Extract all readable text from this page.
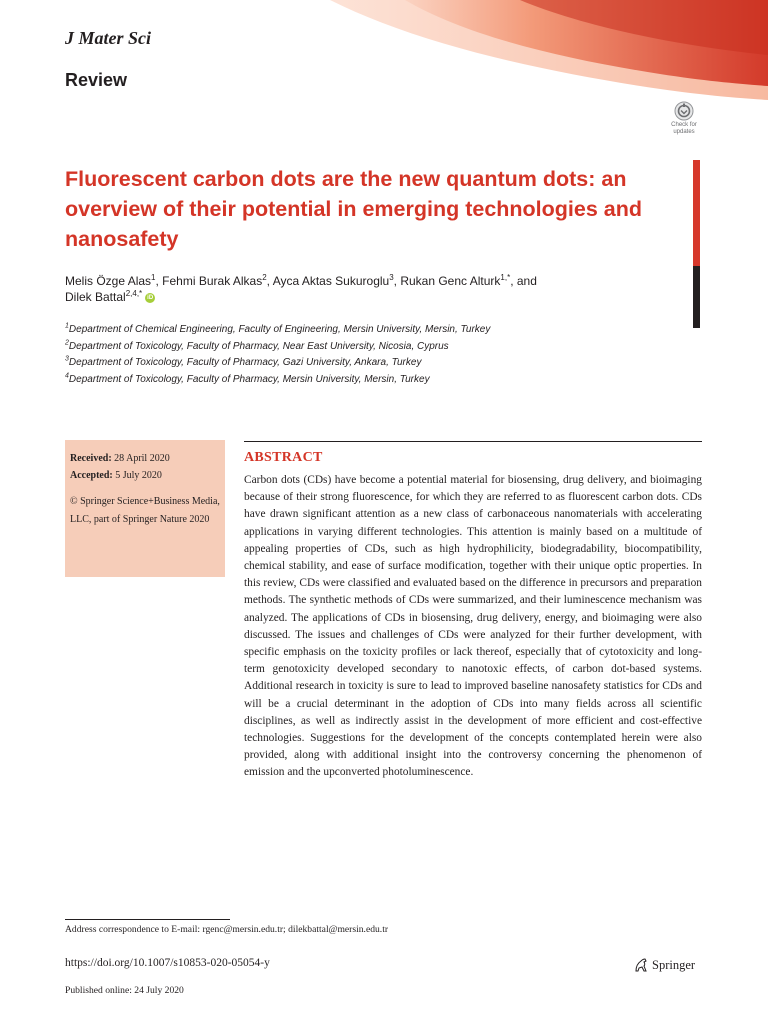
J Mater Sci
Review
Check for
updates
Fluorescent carbon dots are the new quantum dots: an overview of their potential in emerging technologies and nanosafety
Melis Özge Alas$^1$, Fehmi Burak Alkas$^2$, Ayca Aktas Sukuroglu$^3$, Rukan Genc Alturk$^{1,*}$, and
Dilek Battal$^{2,4,*}$ iD
$^1$Department of Chemical Engineering, Faculty of Engineering, Mersin University, Mersin, Turkey
$^2$Department of Toxicology, Faculty of Pharmacy, Near East University, Nicosia, Cyprus
$^3$Department of Toxicology, Faculty of Pharmacy, Gazi University, Ankara, Turkey
$^4$Department of Toxicology, Faculty of Pharmacy, Mersin University, Mersin, Turkey
Received: 28 April 2020
Accepted: 5 July 2020
© Springer Science+Business Media, LLC, part of Springer Nature 2020
ABSTRACT

Carbon dots (CDs) have become a potential material for biosensing, drug delivery, and bioimaging because of their strong fluorescence, for which they are referred to as fluorescent carbon dots. CDs have drawn significant attention as a new class of carbonaceous nanomaterials with accelerating applications in varying different technologies. This attention is mainly based on a multitude of appealing properties of CDs, such as high hydrophilicity, biodegradability, biocompatibility, chemical stability, and ease of surface modification, together with their unique optic properties. In this review, CDs were classified and evaluated based on the difference in precursors and preparation methods. The synthetic methods of CDs were summarized, and their luminescence mechanism was analyzed. The applications of CDs in biosensing, drug delivery, energy, and bioimaging were also discussed. The issues and challenges of CDs were analyzed for their further development, with specific emphasis on the toxicity profiles or lack thereof, especially that of cytotoxicity and long-term genotoxicity developed secondary to nanotoxic effects, of carbon dot-based systems. Additional research in toxicity is sure to lead to improved baseline nanosafety statistics for CDs and will be a crucial determinant in the adoption of CDs into many fields across all scientific disciplines, as well as indirectly assist in the development of more efficient and cost-effective technologies. Suggestions for the development of the concepts contemplated herein were also provided, along with additional insight into the controversy concerning the phenomenon of emission and the upconverted photoluminescence.

Address correspondence to E-mail: rgenc@mersin.edu.tr; dilekbattal@mersin.edu.tr
https://doi.org/10.1007/s10853-020-05054-y	Springer
Published online: 24 July 2020
